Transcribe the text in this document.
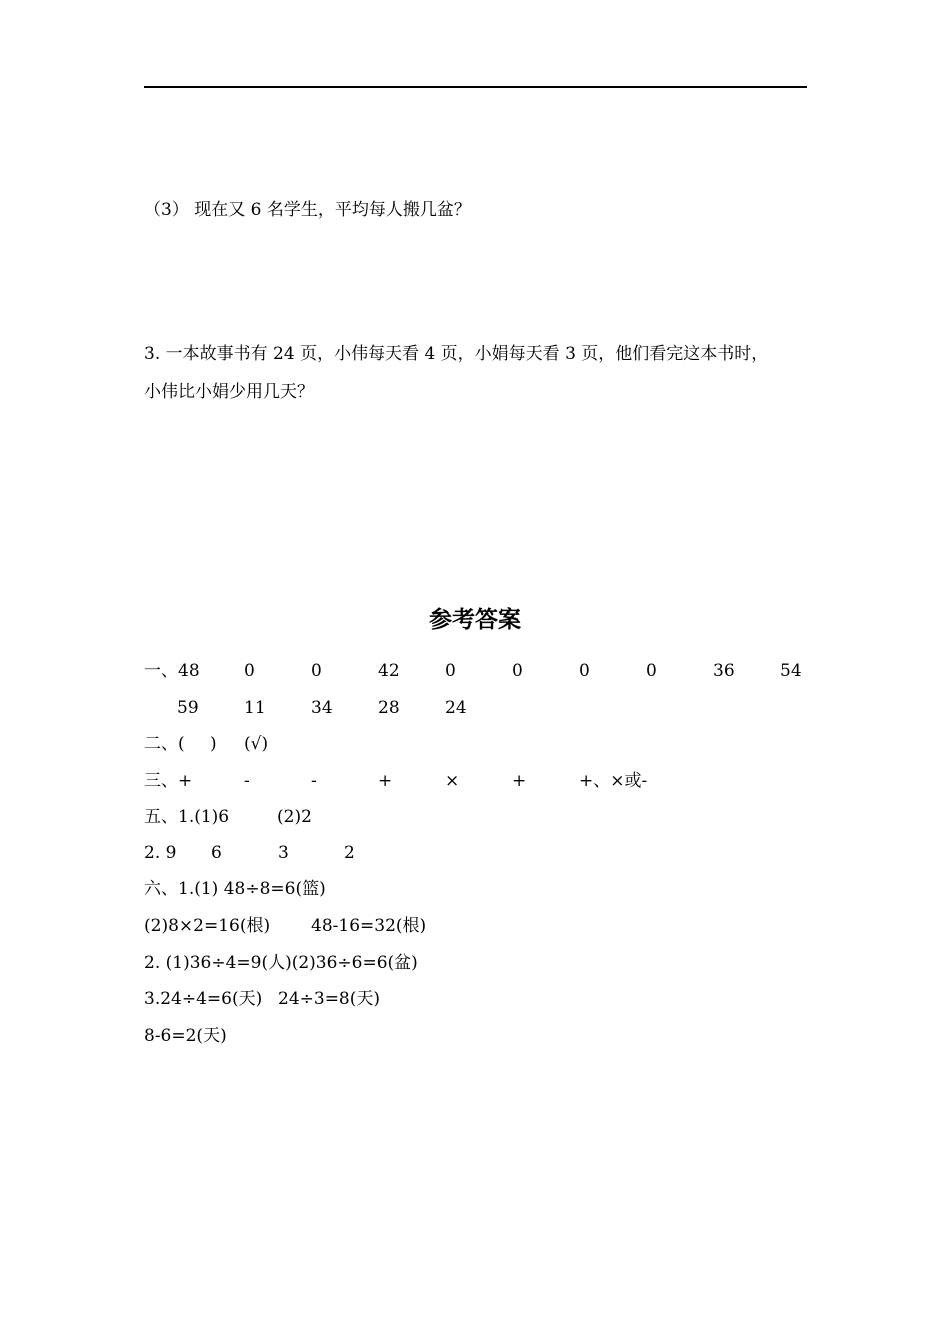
（3） 现在又 6 名学生，平均每人搬几盆？
3. 一本故事书有 24 页，小伟每天看 4 页，小娟每天看 3 页，他们看完这本书时，
小伟比小娟少用几天？
参考答案
一、48	0	0	42	0	0	0	0	36	54
59	11	34	28	24
二、( ) (√)
三、+	-	-	+	×	+	+、×或-
五、1.(1)6	(2)2
2. 9 6	3	2
六、1.(1) 48÷8=6(篮)
(2)8×2=16(根) 48-16=32(根)
2. (1)36÷4=9(人)(2)36÷6=6(盆)
3.24÷4=6(天) 24÷3=8(天)
8-6=2(天)
